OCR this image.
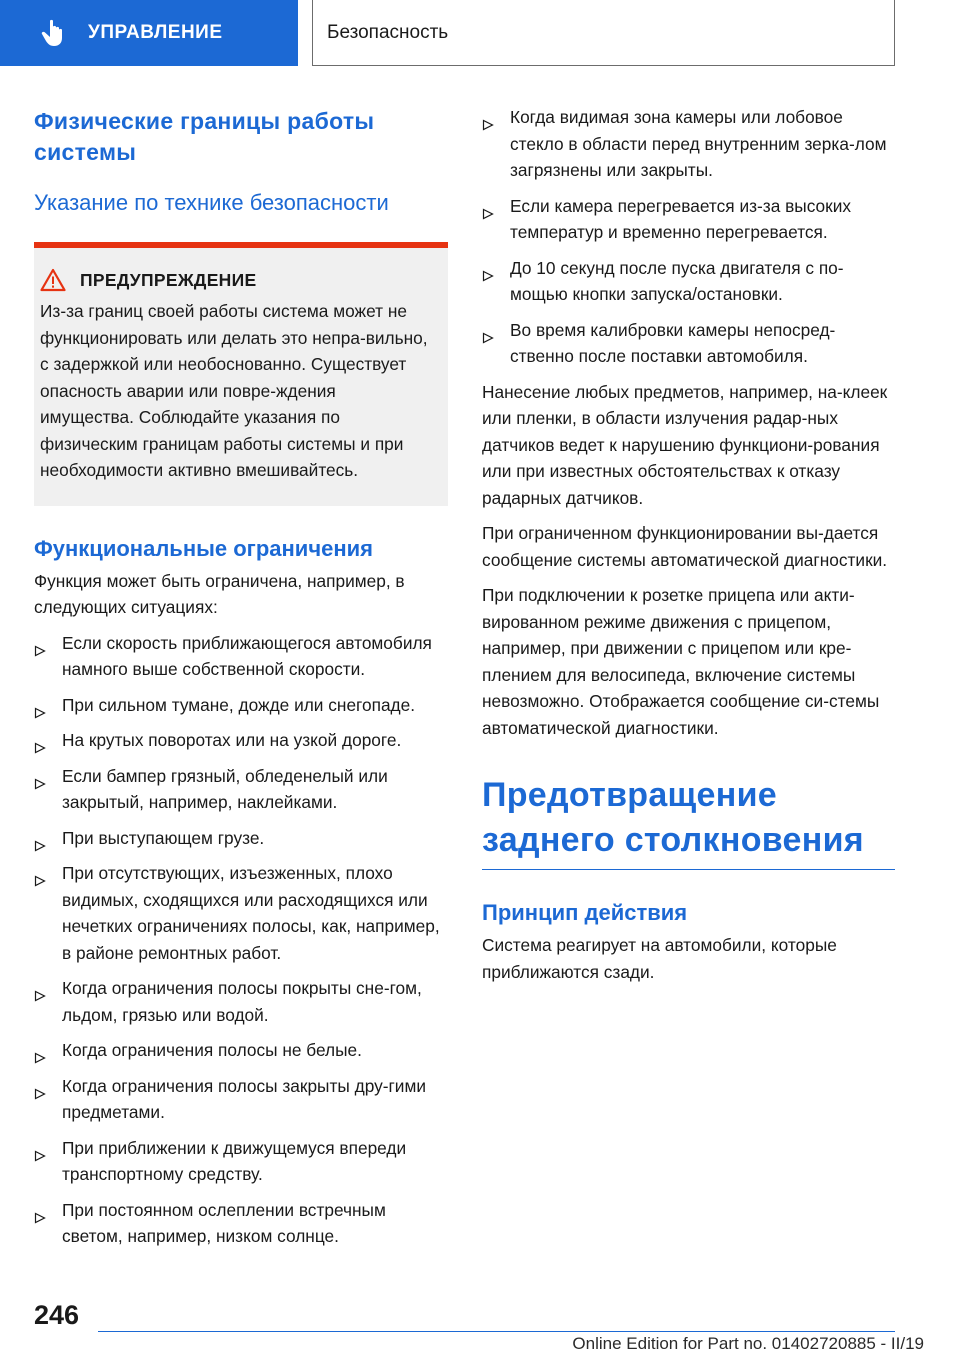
УПРАВЛЕНИЕ	Безопасность
Физические границы работы системы
Указание по технике безопасности
ПРЕДУПРЕЖДЕНИЕ

Из-за границ своей работы система может не функционировать или делать это непра-вильно, с задержкой или необоснованно. Существует опасность аварии или повре-ждения имущества. Соблюдайте указания по физическим границам работы системы и при необходимости активно вмешивайтесь.

Функциональные ограничения

Функция может быть ограничена, например, в следующих ситуациях:

Если скорость приближающегося автомобиля намного выше собственной скорости.
При сильном тумане, дожде или снегопаде.
На крутых поворотах или на узкой дороге.
Если бампер грязный, обледенелый или закрытый, например, наклейками.
При выступающем грузе.
При отсутствующих, изъезженных, плохо видимых, сходящихся или расходящихся или нечетких ограничениях полосы, как, например, в районе ремонтных работ.
Когда ограничения полосы покрыты сне-гом, льдом, грязью или водой.
Когда ограничения полосы не белые.
Когда ограничения полосы закрыты дру-гими предметами.
При приближении к движущемуся впереди транспортному средству.
При постоянном ослеплении встречным светом, например, низком солнце.
Когда видимая зона камеры или лобовое стекло в области перед внутренним зерка-лом загрязнены или закрыты.
Если камера перегревается из-за высоких температур и временно перегревается.
До 10 секунд после пуска двигателя с по-мощью кнопки запуска/остановки.
Во время калибровки камеры непосред-ственно после поставки автомобиля.

Нанесение любых предметов, например, на-клеек или пленки, в области излучения радар-ных датчиков ведет к нарушению функциони-рования или при известных обстоятельствах к отказу радарных датчиков.

При ограниченном функционировании вы-дается сообщение системы автоматической диагностики.

При подключении к розетке прицепа или акти-вированном режиме движения с прицепом, например, при движении с прицепом или кре-плением для велосипеда, включение системы невозможно. Отображается сообщение си-стемы автоматической диагностики.

Предотвращение заднего столкновения
Принцип действия

Система реагирует на автомобили, которые приближаются сзади.

246
Online Edition for Part no. 01402720885 - II/19
